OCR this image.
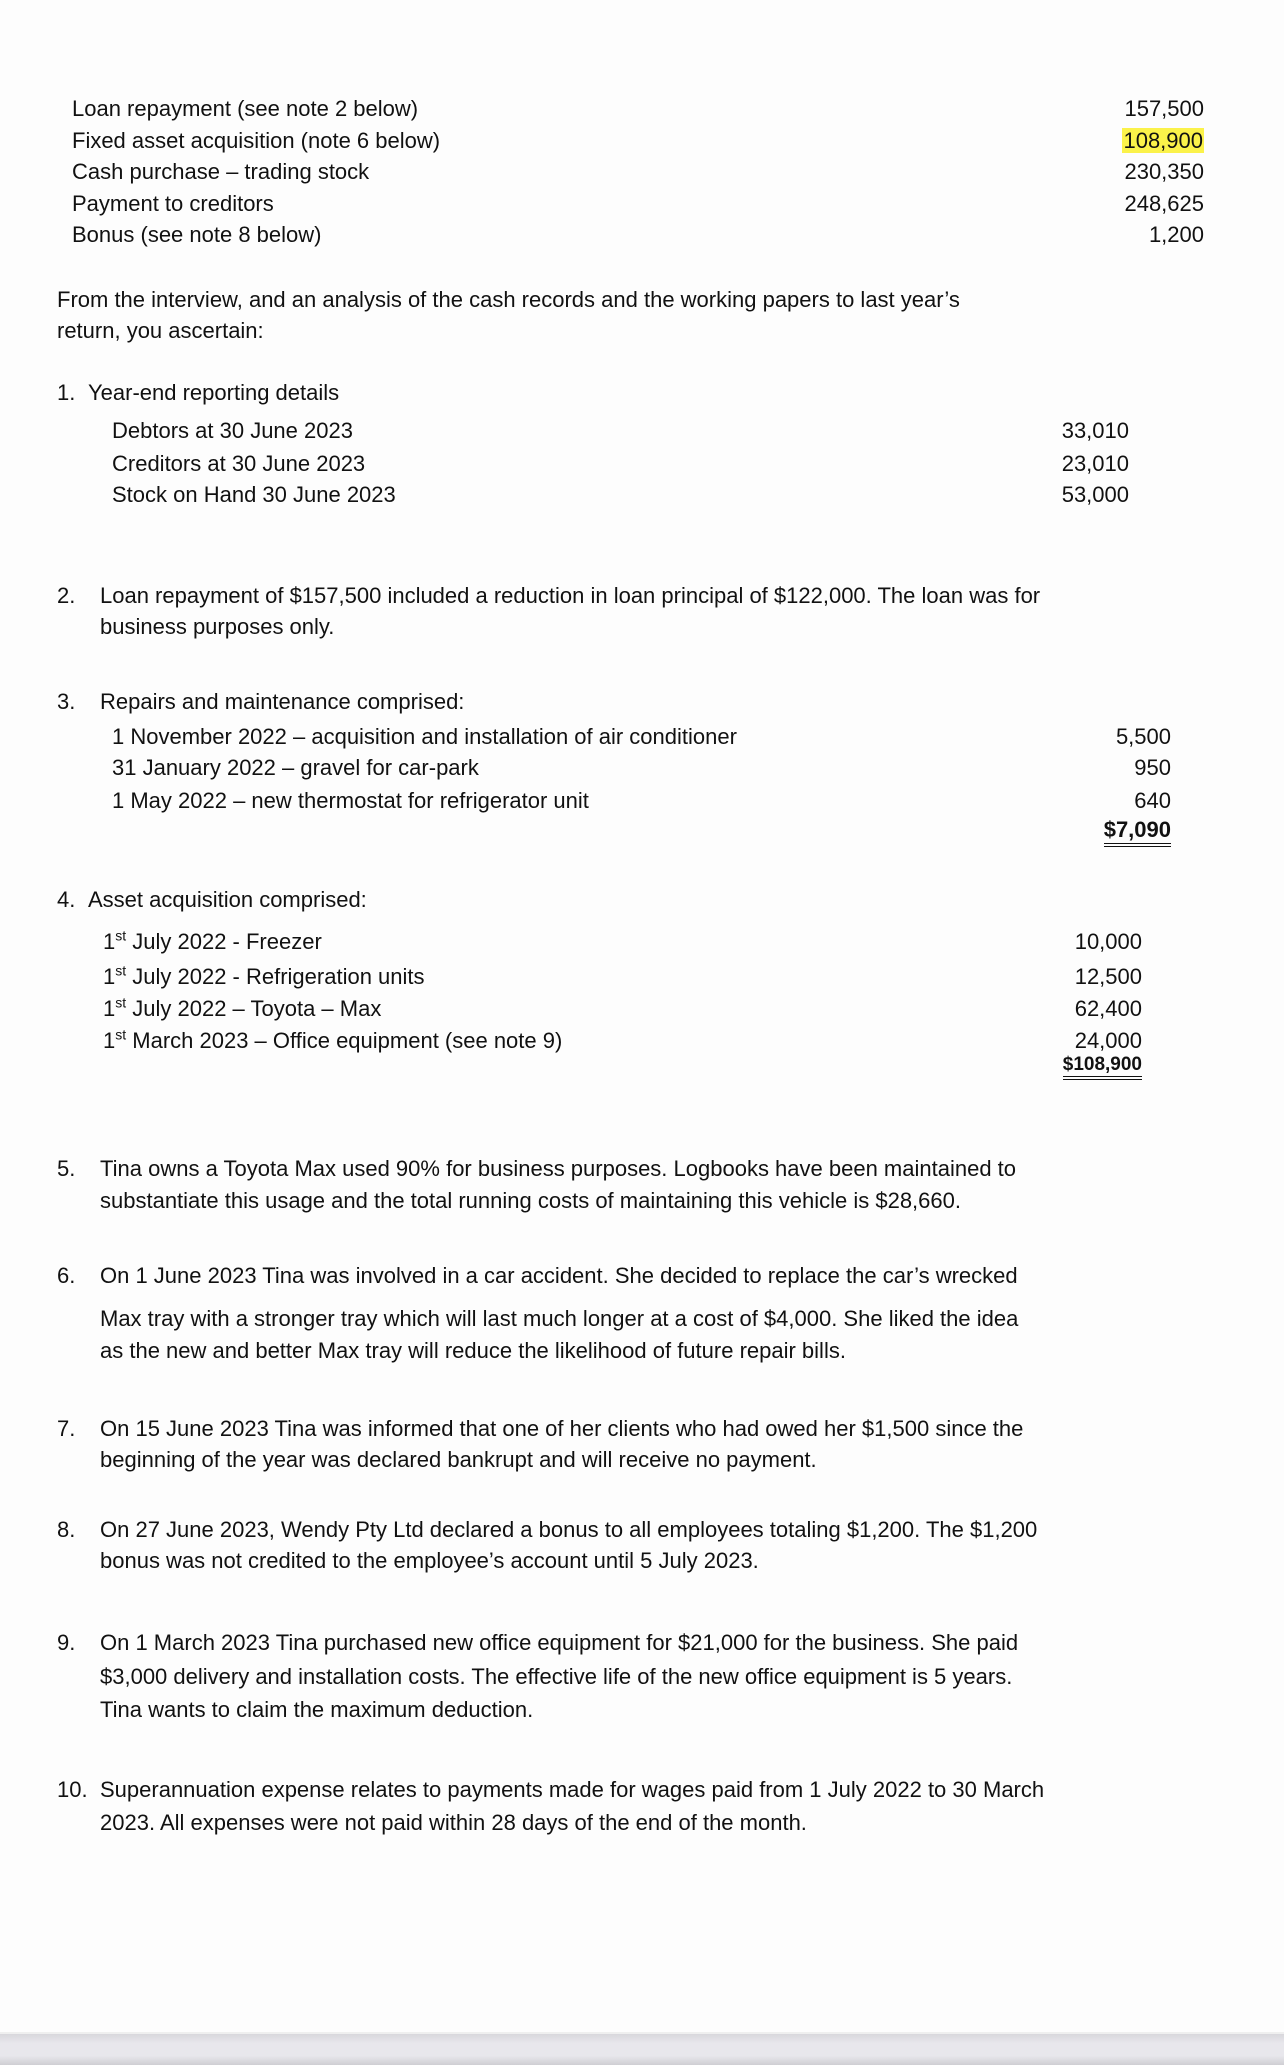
Loan repayment (see note 2 below)	157,500
Fixed asset acquisition (note 6 below)	108,900
Cash purchase – trading stock	230,350
Payment to creditors	248,625
Bonus (see note 8 below)	1,200
From the interview, and an analysis of the cash records and the working papers to last year’s
return, you ascertain:
1. Year-end reporting details
Debtors at 30 June 2023	33,010
Creditors at 30 June 2023	23,010
Stock on Hand 30 June 2023	53,000
2. Loan repayment of $157,500 included a reduction in loan principal of $122,000. The loan was for
business purposes only.
3. Repairs and maintenance comprised:
1 November 2022 – acquisition and installation of air conditioner	5,500
31 January 2022 – gravel for car-park	950
1 May 2022 – new thermostat for refrigerator unit	640
$7,090
4. Asset acquisition comprised:
1st July 2022 - Freezer	10,000
1st July 2022 - Refrigeration units	12,500
1st July 2022 – Toyota – Max	62,400
1st March 2023 – Office equipment (see note 9)	24,000
$108,900
5. Tina owns a Toyota Max used 90% for business purposes. Logbooks have been maintained to
substantiate this usage and the total running costs of maintaining this vehicle is $28,660.
6. On 1 June 2023 Tina was involved in a car accident. She decided to replace the car’s wrecked
Max tray with a stronger tray which will last much longer at a cost of $4,000. She liked the idea
as the new and better Max tray will reduce the likelihood of future repair bills.
7. On 15 June 2023 Tina was informed that one of her clients who had owed her $1,500 since the
beginning of the year was declared bankrupt and will receive no payment.
8. On 27 June 2023, Wendy Pty Ltd declared a bonus to all employees totaling $1,200. The $1,200
bonus was not credited to the employee’s account until 5 July 2023.
9. On 1 March 2023 Tina purchased new office equipment for $21,000 for the business. She paid
$3,000 delivery and installation costs. The effective life of the new office equipment is 5 years.
Tina wants to claim the maximum deduction.
10. Superannuation expense relates to payments made for wages paid from 1 July 2022 to 30 March
2023. All expenses were not paid within 28 days of the end of the month.
